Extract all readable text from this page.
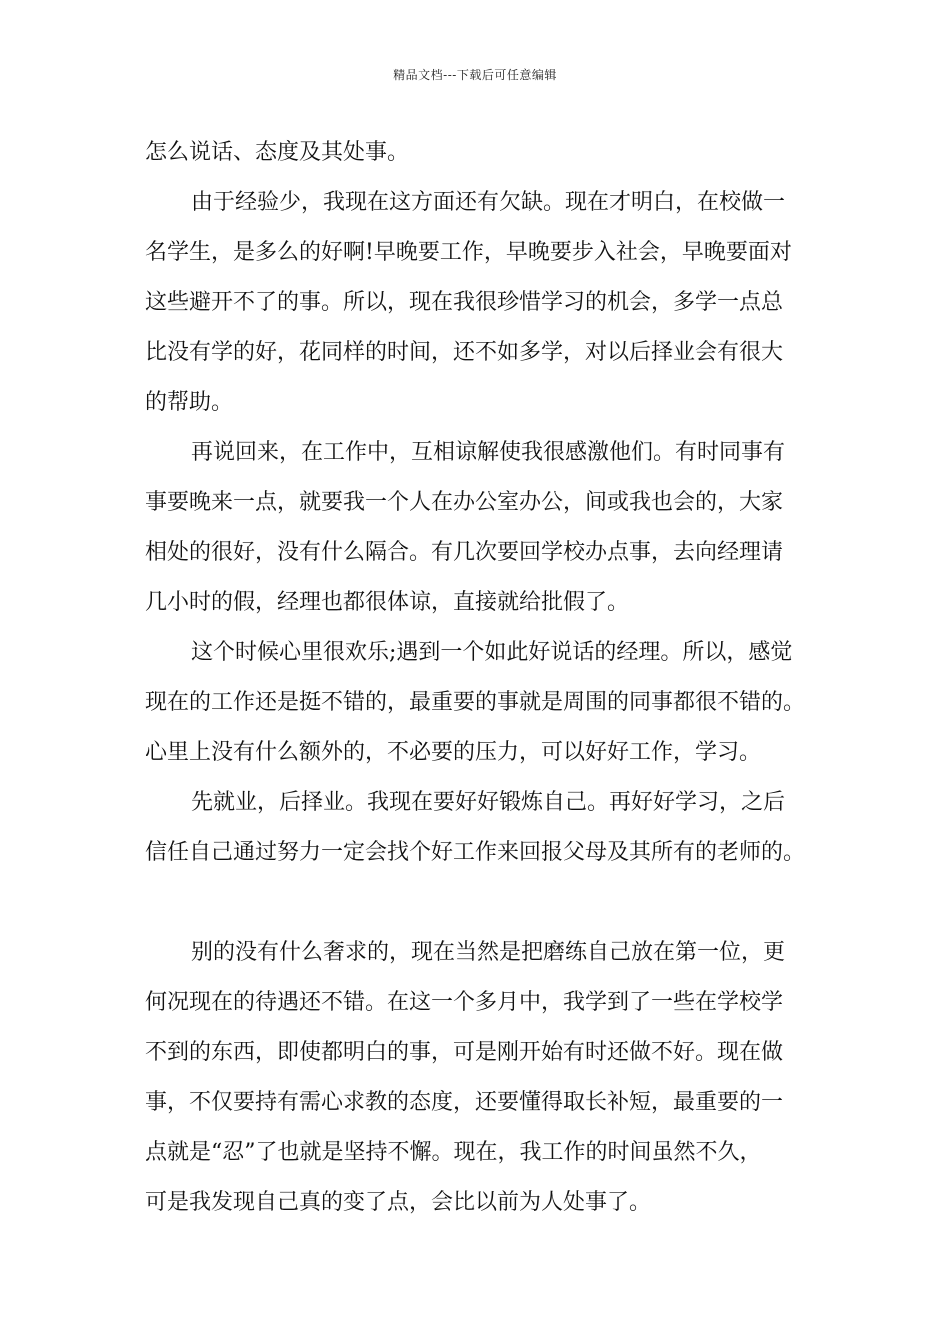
精品文档---下载后可任意编辑
怎么说话、态度及其处事。
由于经验少，我现在这方面还有欠缺。现在才明白，在校做一
名学生，是多么的好啊!早晚要工作，早晚要步入社会，早晚要面对
这些避开不了的事。所以，现在我很珍惜学习的机会，多学一点总
比没有学的好，花同样的时间，还不如多学，对以后择业会有很大
的帮助。
再说回来，在工作中，互相谅解使我很感激他们。有时同事有
事要晚来一点，就要我一个人在办公室办公，间或我也会的，大家
相处的很好，没有什么隔合。有几次要回学校办点事，去向经理请
几小时的假，经理也都很体谅，直接就给批假了。
这个时候心里很欢乐;遇到一个如此好说话的经理。所以，感觉
现在的工作还是挺不错的，最重要的事就是周围的同事都很不错的。
心里上没有什么额外的，不必要的压力，可以好好工作，学习。
先就业，后择业。我现在要好好锻炼自己。再好好学习，之后
信任自己通过努力一定会找个好工作来回报父母及其所有的老师的。
别的没有什么奢求的，现在当然是把磨练自己放在第一位，更
何况现在的待遇还不错。在这一个多月中，我学到了一些在学校学
不到的东西，即使都明白的事，可是刚开始有时还做不好。现在做
事，不仅要持有需心求教的态度，还要懂得取长补短，最重要的一
点就是“忍”了也就是坚持不懈。现在，我工作的时间虽然不久，
可是我发现自己真的变了点，会比以前为人处事了。
